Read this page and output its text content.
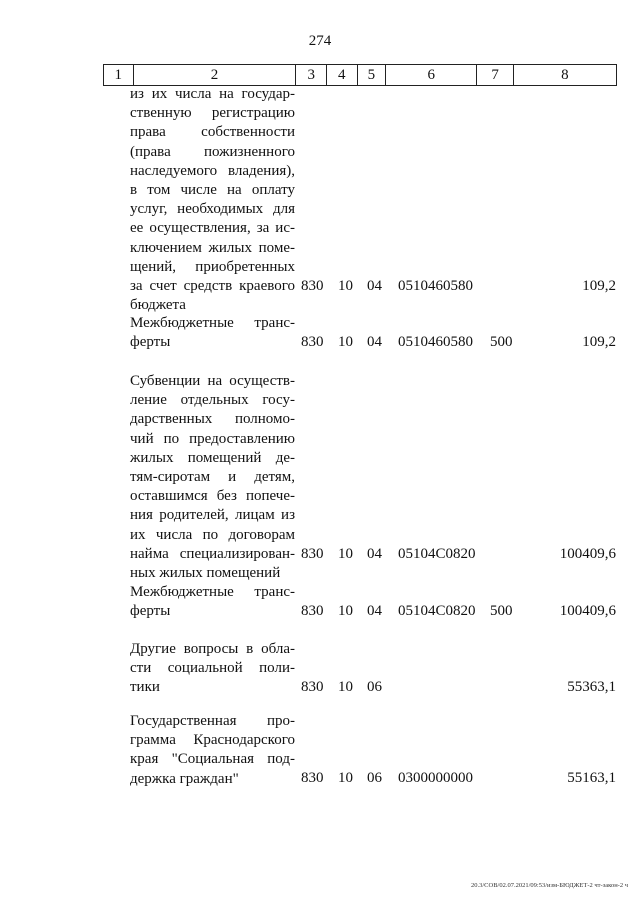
274
1	2	3	4	5	6	7	8
из их числа на государ-
ственную регистрацию
права собственности
(права пожизненного
наследуемого владения),
в том числе на оплату
услуг, необходимых для
ее осуществления, за ис-
ключением жилых поме-
щений, приобретенных
за счет средств краевого
бюджета
830 10 04 0510460580	109,2
Межбюджетные транс-
ферты	830 10 04 0510460580 500	109,2
Субвенции на осуществ-
ление отдельных госу-
дарственных полномо-
чий по предоставлению
жилых помещений де-
тям-сиротам и детям,
оставшимся без попече-
ния родителей, лицам из
их числа по договорам
найма специализирован-
ных жилых помещений
830 10 04 05104C0820	100409,6
Межбюджетные транс-
ферты	830 10 04 05104C0820 500	100409,6
Другие вопросы в обла-
сти социальной поли-
тики	830 10 06	55363,1
Государственная про-
грамма Краснодарского
края "Социальная под-
держка граждан"	830 10 06 0300000000	55163,1
20.3/СОВ/02.07.2021/09:53/изм-БЮДЖЕТ-2 чт-закон-2 ч
